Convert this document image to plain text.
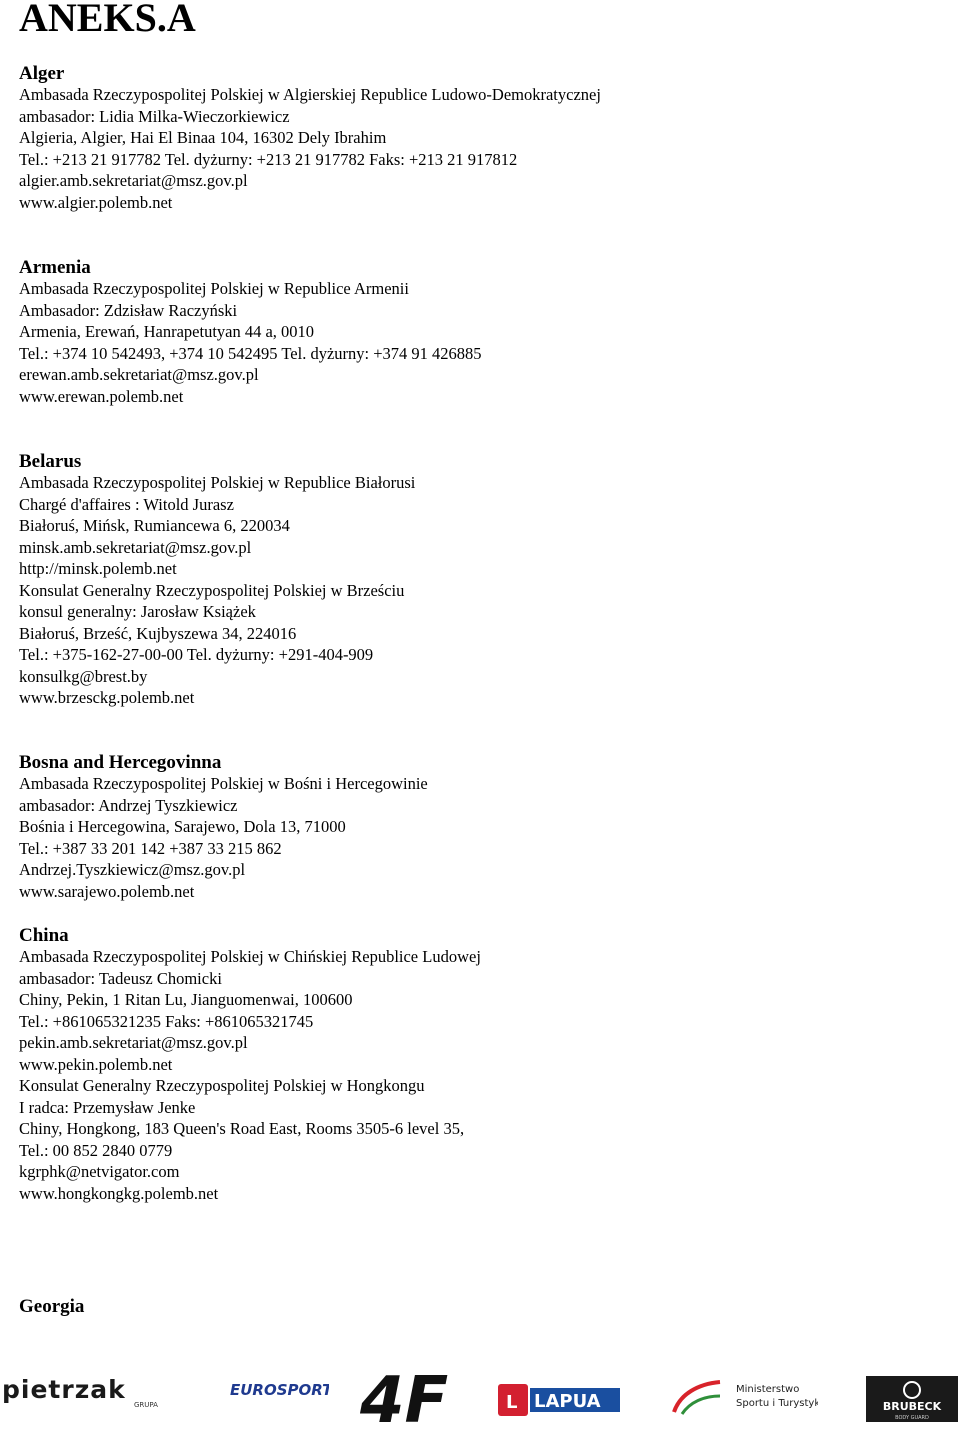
ANEKS.A
Alger
Ambasada Rzeczypospolitej Polskiej w Algierskiej Republice Ludowo-Demokratycznej
ambasador: Lidia Milka-Wieczorkiewicz
Algieria, Algier, Hai El Binaa 104, 16302 Dely Ibrahim
Tel.: +213 21 917782 Tel. dyżurny: +213 21 917782 Faks: +213 21 917812
algier.amb.sekretariat@msz.gov.pl
www.algier.polemb.net
Armenia
Ambasada Rzeczypospolitej Polskiej w Republice Armenii
Ambasador: Zdzisław Raczyński
Armenia, Erewań, Hanrapetutyan 44 a, 0010
Tel.: +374 10 542493, +374 10 542495 Tel. dyżurny: +374 91 426885
erewan.amb.sekretariat@msz.gov.pl
www.erewan.polemb.net
Belarus
Ambasada Rzeczypospolitej Polskiej w Republice Białorusi
Chargé d'affaires : Witold Jurasz
Białoruś, Mińsk, Rumiancewa 6, 220034
minsk.amb.sekretariat@msz.gov.pl
http://minsk.polemb.net
Konsulat Generalny Rzeczypospolitej Polskiej w Brześciu
konsul generalny: Jarosław Książek
Białoruś, Brześć, Kujbyszewa 34, 224016
Tel.: +375-162-27-00-00 Tel. dyżurny: +291-404-909
konsulkg@brest.by
www.brzesckg.polemb.net
Bosna and Hercegovinna
Ambasada Rzeczypospolitej Polskiej w Bośni i Hercegowinie
ambasador: Andrzej Tyszkiewicz
Bośnia i Hercegowina, Sarajewo, Dola 13, 71000
Tel.: +387 33 201 142 +387 33 215 862
Andrzej.Tyszkiewicz@msz.gov.pl
www.sarajewo.polemb.net
China
Ambasada Rzeczypospolitej Polskiej w Chińskiej Republice Ludowej
ambasador: Tadeusz Chomicki
Chiny, Pekin, 1 Ritan Lu, Jianguomenwai, 100600
Tel.: +861065321235 Faks: +861065321745
pekin.amb.sekretariat@msz.gov.pl
www.pekin.polemb.net
Konsulat Generalny Rzeczypospolitej Polskiej w Hongkongu
I radca: Przemysław Jenke
Chiny, Hongkong, 183 Queen's Road East, Rooms 3505-6 level 35,
Tel.: 00 852 2840 0779
kgrphk@netvigator.com
www.hongkongkg.polemb.net
Georgia
pietrzak
GRUPA
EUROSPORT 4F	L LAPUA
Ministerstwo
Sportu i Turystyki	BRUBECK
BODY GUARD
